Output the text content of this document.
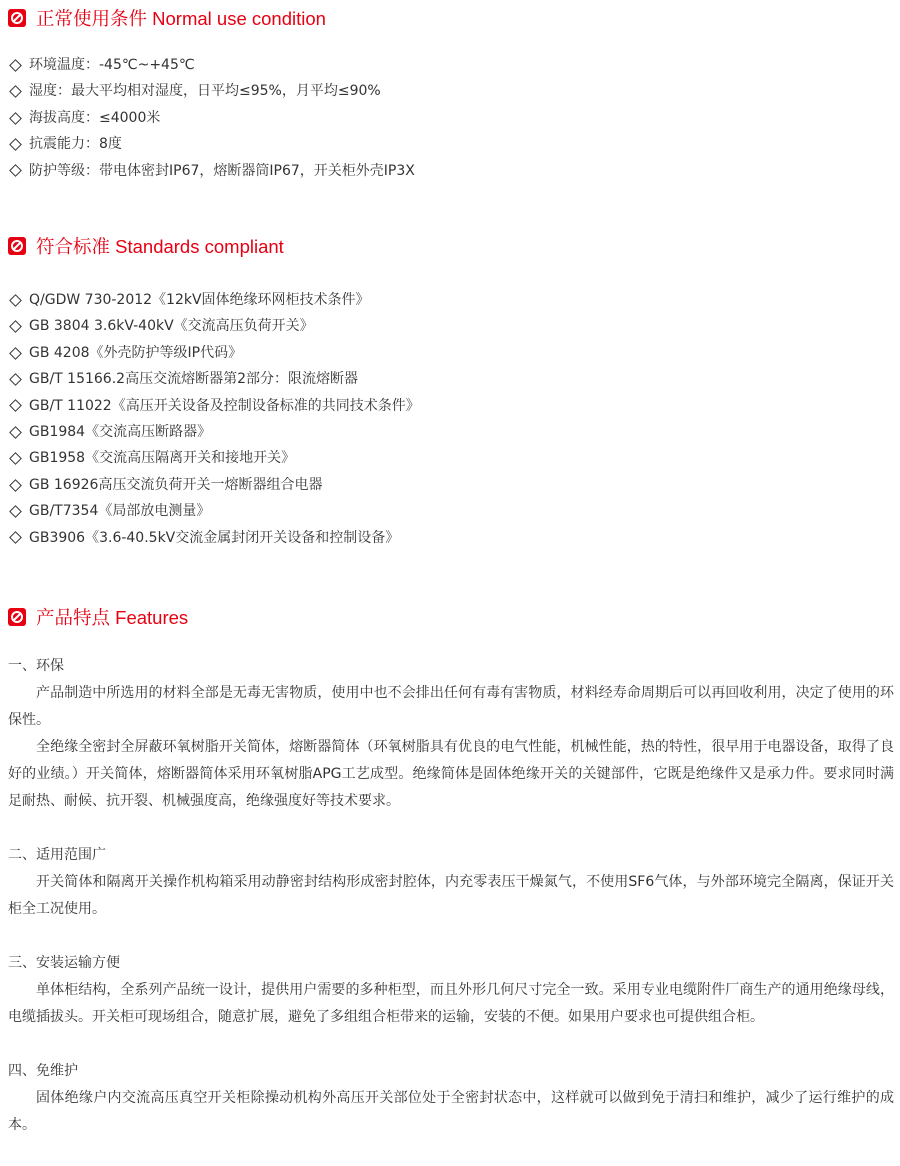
正常使用条件 Normal use condition
环境温度：-45℃~+45℃
湿度：最大平均相对湿度，日平均≤95%，月平均≤90%
海拔高度：≤4000米
抗震能力：8度
防护等级：带电体密封IP67，熔断器筒IP67，开关柜外壳IP3X
符合标准 Standards compliant
Q/GDW 730-2012《12kV固体绝缘环网柜技术条件》
GB 3804 3.6kV-40kV《交流高压负荷开关》
GB 4208《外壳防护等级IP代码》
GB/T 15166.2高压交流熔断器第2部分：限流熔断器
GB/T 11022《高压开关设备及控制设备标准的共同技术条件》
GB1984《交流高压断路器》
GB1958《交流高压隔离开关和接地开关》
GB 16926高压交流负荷开关一熔断器组合电器
GB/T7354《局部放电测量》
GB3906《3.6-40.5kV交流金属封闭开关设备和控制设备》
产品特点 Features
一、环保

产品制造中所选用的材料全部是无毒无害物质，使用中也不会排出任何有毒有害物质，材料经寿命周期后可以再回收利用，决定了使用的环保性。

全绝缘全密封全屏蔽环氧树脂开关简体，熔断器简体（环氧树脂具有优良的电气性能，机械性能，热的特性，很早用于电器设备，取得了良好的业绩。）开关简体，熔断器简体采用环氧树脂APG工艺成型。绝缘简体是固体绝缘开关的关键部件，它既是绝缘件又是承力件。要求同时满足耐热、耐候、抗开裂、机械强度高，绝缘强度好等技术要求。

二、适用范围广

开关简体和隔离开关操作机构箱采用动静密封结构形成密封腔体，内充零表压干燥氮气，不使用SF6气体，与外部环境完全隔离，保证开关柜全工况使用。

三、安装运输方便

单体柜结构，全系列产品统一设计，提供用户需要的多种柜型，而且外形几何尺寸完全一致。采用专业电缆附件厂商生产的通用绝缘母线，电缆插拔头。开关柜可现场组合，随意扩展，避免了多组组合柜带来的运输，安装的不便。如果用户要求也可提供组合柜。

四、免维护

固体绝缘户内交流高压真空开关柜除操动机构外高压开关部位处于全密封状态中，这样就可以做到免于清扫和维护，减少了运行维护的成本。
